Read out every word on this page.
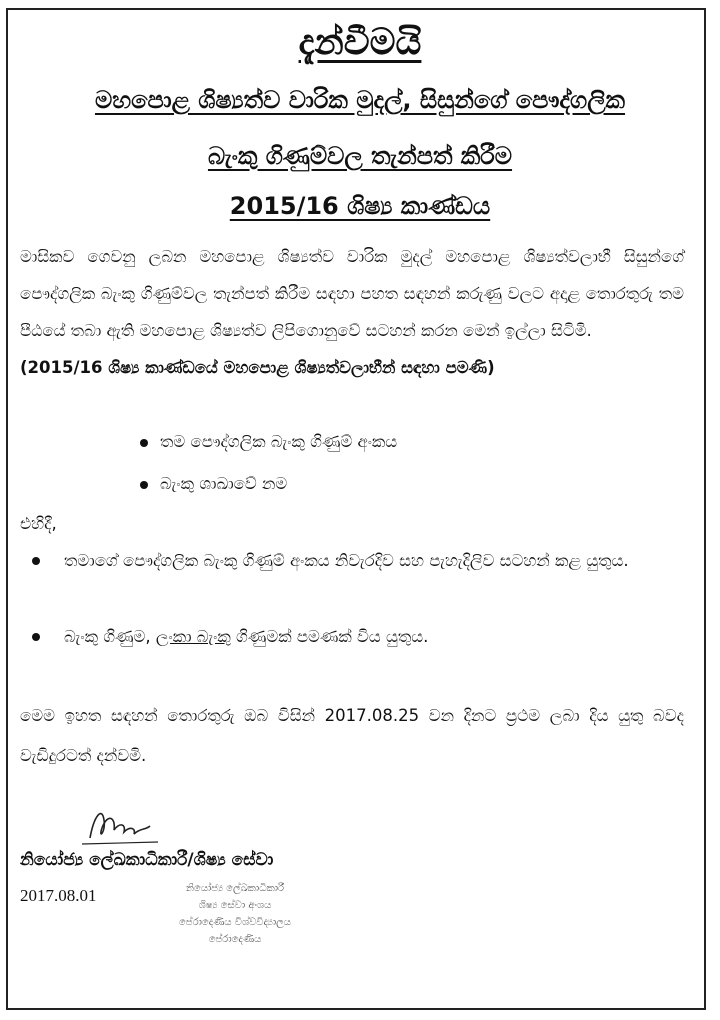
දැන්වීමයි
මහපොළ ශිෂ්‍යත්ව වාරික මුදල්, සිසුන්ගේ පෞද්ගලික
බැංකු ගිණුම්වල තැන්පත් කිරීම
2015/16 ශිෂ්‍ය කාණ්ඩය
මාසිකව ගෙවනු ලබන මහපොළ ශිෂ්‍යත්ව වාරික මුදල් මහපොළ ශිෂ්‍යත්වලාභී සිසුන්ගේ පෞද්ගලික බැංකු ගිණුම්වල තැන්පත් කිරීම සඳහා පහත සඳහන් කරුණු වලට අදාළ තොරතුරු තම පීඨයේ තබා ඇති මහපොළ ශිෂ්‍යත්ව ලිපිගොනුවේ සටහන් කරන මෙන් ඉල්ලා සිටිමි.
(2015/16 ශිෂ්‍ය කාණ්ඩයේ මහපොළ ශිෂ්‍යත්වලාභීන් සඳහා පමණි)
තම පෞද්ගලික බැංකු ගිණුම් අංකය
බැංකු ශාඛාවේ නම
එහිදී,
තමාගේ පෞද්ගලික බැංකු ගිණුම් අංකය නිවැරදිව සහ පැහැදිලිව සටහන් කළ යුතුය.
බැංකු ගිණුම, ලංකා බැංකු ගිණුමක් පමණක් විය යුතුය.
මෙම ඉහත සඳහන් තොරතුරු ඔබ විසින් 2017.08.25 වන දිනට ප්‍රථම ලබා දිය යුතු බවද වැඩිදුරටත් දන්වමි.
නියෝජ්‍ය ලේඛකාධිකාරී/ශිෂ්‍ය සේවා
2017.08.01	නියෝජ්‍ය ලේඛකාධිකාරී
ශිෂ්‍ය සේවා අංශය
පේරාදෙණිය විශ්වවිද්‍යාලය
පේරාදෙණිය
